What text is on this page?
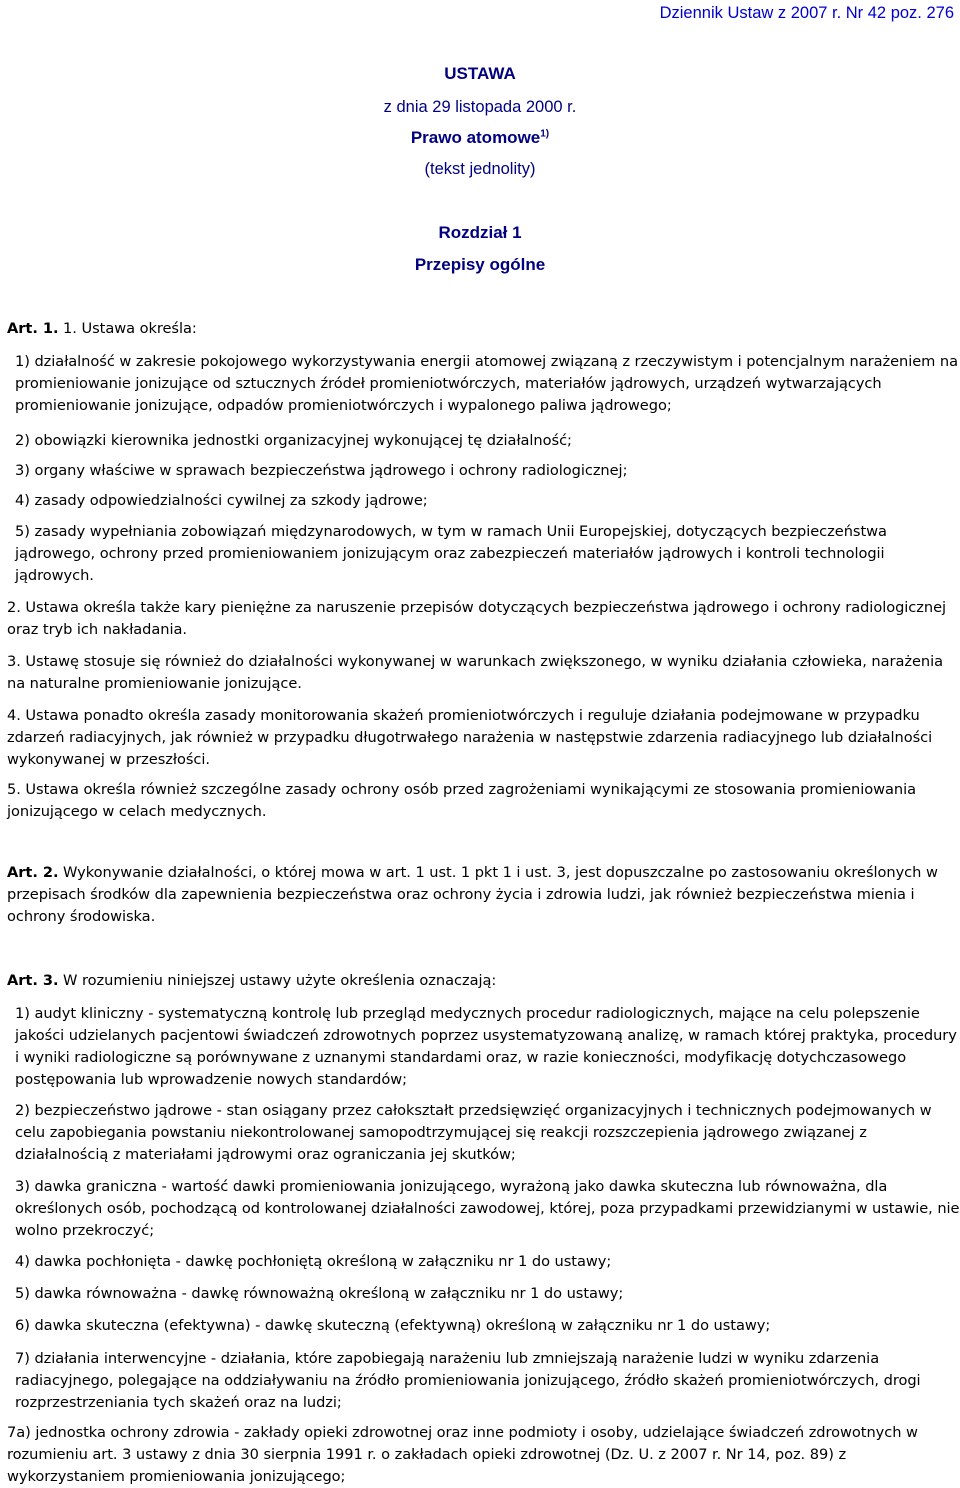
Dziennik Ustaw z 2007 r. Nr 42 poz. 276
USTAWA
z dnia 29 listopada 2000 r.
Prawo atomowe$^{1)}$
(tekst jednolity)
Rozdział 1
Przepisy ogólne
Art. 1. 1. Ustawa określa:
1) działalność w zakresie pokojowego wykorzystywania energii atomowej związaną z rzeczywistym i potencjalnym narażeniem na promieniowanie jonizujące od sztucznych źródeł promieniotwórczych, materiałów jądrowych, urządzeń wytwarzających promieniowanie jonizujące, odpadów promieniotwórczych i wypalonego paliwa jądrowego;
2) obowiązki kierownika jednostki organizacyjnej wykonującej tę działalność;
3) organy właściwe w sprawach bezpieczeństwa jądrowego i ochrony radiologicznej;
4) zasady odpowiedzialności cywilnej za szkody jądrowe;
5) zasady wypełniania zobowiązań międzynarodowych, w tym w ramach Unii Europejskiej, dotyczących bezpieczeństwa jądrowego, ochrony przed promieniowaniem jonizującym oraz zabezpieczeń materiałów jądrowych i kontroli technologii jądrowych.
2. Ustawa określa także kary pieniężne za naruszenie przepisów dotyczących bezpieczeństwa jądrowego i ochrony radiologicznej oraz tryb ich nakładania.
3. Ustawę stosuje się również do działalności wykonywanej w warunkach zwiększonego, w wyniku działania człowieka, narażenia na naturalne promieniowanie jonizujące.
4. Ustawa ponadto określa zasady monitorowania skażeń promieniotwórczych i reguluje działania podejmowane w przypadku zdarzeń radiacyjnych, jak również w przypadku długotrwałego narażenia w następstwie zdarzenia radiacyjnego lub działalności wykonywanej w przeszłości.
5. Ustawa określa również szczególne zasady ochrony osób przed zagrożeniami wynikającymi ze stosowania promieniowania jonizującego w celach medycznych.
Art. 2. Wykonywanie działalności, o której mowa w art. 1 ust. 1 pkt 1 i ust. 3, jest dopuszczalne po zastosowaniu określonych w przepisach środków dla zapewnienia bezpieczeństwa oraz ochrony życia i zdrowia ludzi, jak również bezpieczeństwa mienia i ochrony środowiska.
Art. 3. W rozumieniu niniejszej ustawy użyte określenia oznaczają:
1) audyt kliniczny - systematyczną kontrolę lub przegląd medycznych procedur radiologicznych, mające na celu polepszenie jakości udzielanych pacjentowi świadczeń zdrowotnych poprzez usystematyzowaną analizę, w ramach której praktyka, procedury i wyniki radiologiczne są porównywane z uznanymi standardami oraz, w razie konieczności, modyfikację dotychczasowego postępowania lub wprowadzenie nowych standardów;
2) bezpieczeństwo jądrowe - stan osiągany przez całokształt przedsięwzięć organizacyjnych i technicznych podejmowanych w celu zapobiegania powstaniu niekontrolowanej samopodtrzymującej się reakcji rozszczepienia jądrowego związanej z działalnością z materiałami jądrowymi oraz ograniczania jej skutków;
3) dawka graniczna - wartość dawki promieniowania jonizującego, wyrażoną jako dawka skuteczna lub równoważna, dla określonych osób, pochodzącą od kontrolowanej działalności zawodowej, której, poza przypadkami przewidzianymi w ustawie, nie wolno przekroczyć;
4) dawka pochłonięta - dawkę pochłoniętą określoną w załączniku nr 1 do ustawy;
5) dawka równoważna - dawkę równoważną określoną w załączniku nr 1 do ustawy;
6) dawka skuteczna (efektywna) - dawkę skuteczną (efektywną) określoną w załączniku nr 1 do ustawy;
7) działania interwencyjne - działania, które zapobiegają narażeniu lub zmniejszają narażenie ludzi w wyniku zdarzenia radiacyjnego, polegające na oddziaływaniu na źródło promieniowania jonizującego, źródło skażeń promieniotwórczych, drogi rozprzestrzeniania tych skażeń oraz na ludzi;
7a) jednostka ochrony zdrowia - zakłady opieki zdrowotnej oraz inne podmioty i osoby, udzielające świadczeń zdrowotnych w rozumieniu art. 3 ustawy z dnia 30 sierpnia 1991 r. o zakładach opieki zdrowotnej (Dz. U. z 2007 r. Nr 14, poz. 89) z wykorzystaniem promieniowania jonizującego;
